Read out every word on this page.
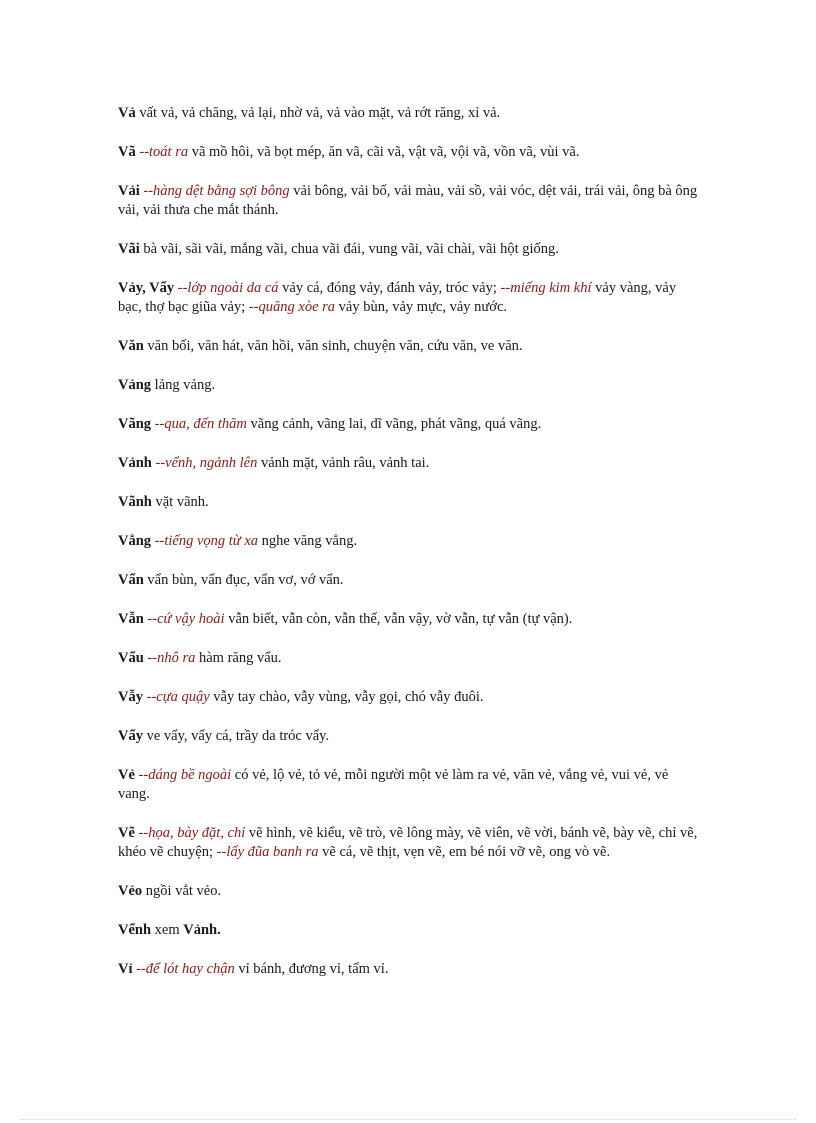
Vả vất vả, vả chăng, vả lại, nhờ vả, vả vào mặt, vả rớt răng, xỉ vả.

Vã --toát ra vã mồ hôi, vã bọt mép, ăn vã, cãi vã, vật vã, vội vã, vồn vã, vùi vã.

Vải --hàng dệt bằng sợi bông vải bông, vải bố, vải màu, vải sồ, vải vóc, dệt vải, trái vải, ông bà ông vải, vải thưa che mắt thánh.

Vãi bà vãi, sãi vãi, mắng vãi, chua vãi đái, vung vãi, vãi chài, vãi hột giống.

Vảy, Vẩy --lớp ngoài da cá vảy cá, đóng vảy, đánh vảy, tróc vảy; --miếng kim khí vảy vàng, vảy bạc, thợ bạc giũa vảy; --quăng xòe ra vảy bùn, vảy mực, vảy nước.

Văn văn bối, văn hát, văn hồi, văn sinh, chuyện văn, cứu văn, ve văn.

Vảng lảng vảng.

Vãng --qua, đến thăm vãng cảnh, vãng lai, dĩ vãng, phát vãng, quá vãng.

Vảnh --vểnh, ngảnh lên vảnh mặt, vảnh râu, vảnh tai.

Vãnh vặt vãnh.

Vẳng --tiếng vọng từ xa nghe văng vẳng.

Vẩn vẩn bùn, vẩn đục, vẩn vơ, vớ vẩn.

Vẫn --cứ vậy hoài vẫn biết, vẫn còn, vẫn thế, vẫn vậy, vờ vẫn, tự vẫn (tự vận).

Vẩu --nhô ra hàm răng vẩu.

Vẫy --cựa quậy vẫy tay chào, vẫy vùng, vẫy gọi, chó vẫy đuôi.

Vẩy ve vẩy, vẩy cá, trầy da tróc vẩy.

Vẻ --dáng bề ngoài có vẻ, lộ vẻ, tỏ vẻ, mỗi người một vẻ làm ra vẻ, văn vẻ, vắng vẻ, vui vẻ, vẻ vang.

Vẽ --họa, bày đặt, chỉ vẽ hình, vẽ kiểu, vẽ trò, vẽ lông mày, vẽ viên, vẽ vời, bánh vẽ, bày vẽ, chỉ vẽ, khéo vẽ chuyện; --lấy đũa banh ra vẽ cá, vẽ thịt, vẹn vẽ, em bé nói vỡ vẽ, ong vò vẽ.

Vẻo ngồi vắt vẻo.

Vểnh xem Vảnh.

Vỉ --để lót hay chận vỉ bánh, đương vỉ, tấm vỉ.
